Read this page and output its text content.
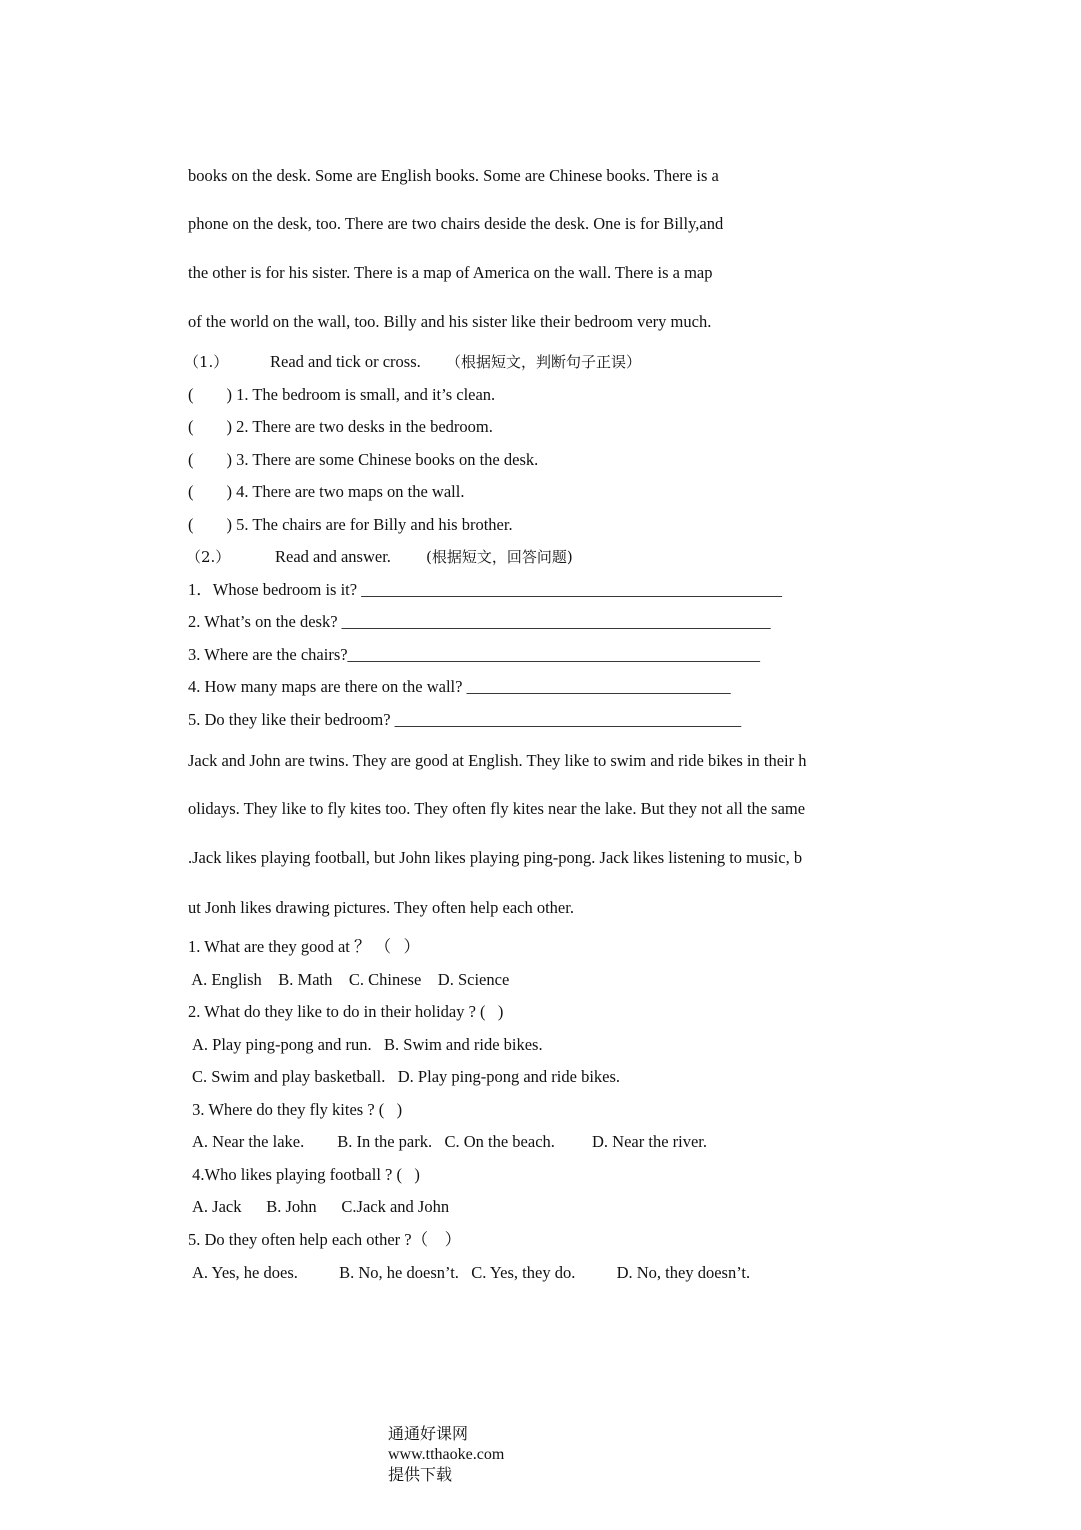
books on the desk. Some are English books. Some are Chinese books. There is a
phone on the desk, too. There are two chairs deside the desk. One is for Billy,and
the other is for his sister. There is a map of America on the wall. There is a map
of the world on the wall, too. Billy and his sister like their bedroom very much.
（1.）	Read and tick or cross. （根据短文，判断句子正误）
(        ) 1. The bedroom is small, and it’s clean.
(        ) 2. There are two desks in the bedroom.
(        ) 3. There are some Chinese books on the desk.
(        ) 4. There are two maps on the wall.
(        ) 5. The chairs are for Billy and his brother.
（2.）	Read and answer. (根据短文，回答问题)
1．Whose bedroom is it? ___________________________________________________
2. What’s on the desk? ____________________________________________________
3. Where are the chairs?__________________________________________________
4. How many maps are there on the wall? ________________________________
5. Do they like their bedroom? __________________________________________
Jack and John are twins. They are good at English. They like to swim and ride bikes in their h
olidays. They like to fly kites too. They often fly kites near the lake. But they not all the same
.Jack likes playing football, but John likes playing ping-pong. Jack likes listening to music, b
ut Jonh likes drawing pictures. They often help each other.
1. What are they good at ？ （   ）
A. English    B. Math    C. Chinese    D. Science
2. What do they like to do in their holiday ? (   )
A. Play ping-pong and run.   B. Swim and ride bikes.
C. Swim and play basketball.   D. Play ping-pong and ride bikes.
3. Where do they fly kites ? (   )
A. Near the lake.        B. In the park.   C. On the beach.         D. Near the river.
4.Who likes playing football ? (   )
A. Jack      B. John      C.Jack and John
5. Do they often help each other ?（    ）
A. Yes, he does.          B. No, he doesn’t.   C. Yes, they do.          D. No, they doesn’t.

通通好课网
www.tthaoke.com
提供下载
